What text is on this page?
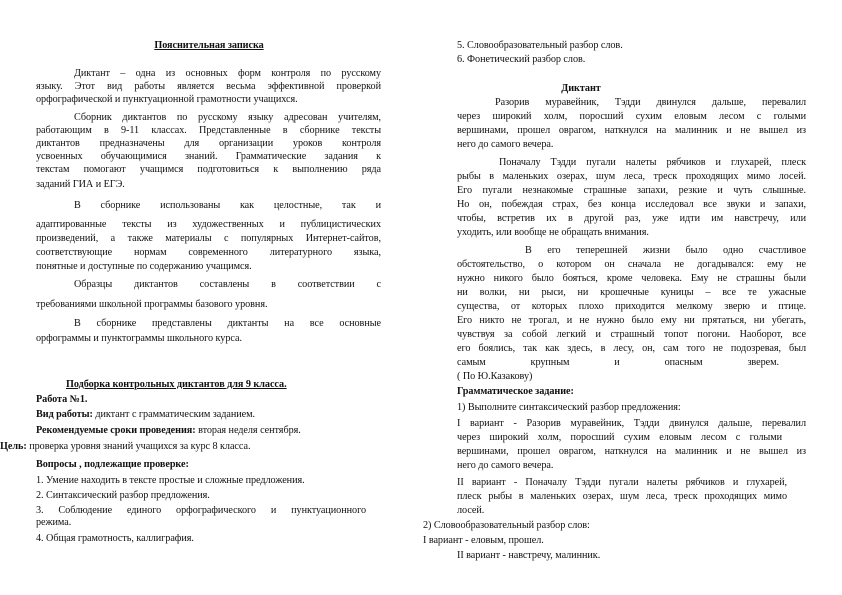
Пояснительная записка
Диктант – одна из основных форм контроля по русскому
языку. Этот вид работы является весьма эффективной проверкой
орфографической и пунктуационной грамотности учащихся.
Сборник диктантов по русскому языку адресован учителям,
работающим в 9-11 классах. Представленные в сборнике тексты
диктантов предназначены для организации уроков контроля
усвоенных обучающимися знаний. Грамматические задания к
текстам помогают учащимся подготовиться к выполнению ряда
заданий ГИА и ЕГЭ.
В сборнике использованы как целостные, так и
адаптированные тексты из художественных и публицистических
произведений, а также материалы с популярных Интернет-сайтов,
соответствующие нормам современного литературного языка,
понятные и доступные по содержанию учащимся.
Образцы диктантов составлены в соответствии с
требованиями школьной программы базового уровня.
В сборнике представлены диктанты на все основные
орфограммы и пунктограммы школьного курса.
Подборка контрольных диктантов для 9 класса.
Работа №1.
Вид работы: диктант с грамматическим заданием.
Рекомендуемые сроки проведения: вторая неделя сентября.
Цель: проверка уровня знаний учащихся за курс 8 класса.
Вопросы , подлежащие проверке:
1. Умение находить в тексте простые и сложные предложения.
2. Синтаксический разбор предложения.
3. Соблюдение единого орфографического и пунктуационного
режима.
4. Общая грамотность, каллиграфия.
5. Словообразовательный разбор слов.
6. Фонетический разбор слов.
Диктант
Разорив муравейник, Тэдди двинулся дальше, перевалил
через широкий холм, поросший сухим еловым лесом с голыми
вершинами, прошел оврагом, наткнулся на малинник и не вышел из
него до самого вечера.
Поначалу Тэдди пугали налеты рябчиков и глухарей, плеск
рыбы в маленьких озерах, шум леса, треск проходящих мимо лосей.
Его пугали незнакомые страшные запахи, резкие и чуть слышные.
Но он, побеждая страх, без конца исследовал все звуки и запахи,
чтобы, встретив их в другой раз, уже идти им навстречу, или
уходить, или вообще не обращать внимания.
В его теперешней жизни было одно счастливое
обстоятельство, о котором он сначала не догадывался: ему не
нужно никого было бояться, кроме человека. Ему не страшны были
ни волки, ни рыси, ни крошечные куницы – все те ужасные
существа, от которых плохо приходится мелкому зверю и птице.
Его никто не трогал, и не нужно было ему ни прятаться, ни убегать,
чувствуя за собой легкий и страшный топот погони. Наоборот, все
его боялись, так как здесь, в лесу, он, сам того не подозревая, был
самым крупным и опасным зверем.
( По Ю.Казакову)
Грамматическое задание:
1) Выполните синтаксический разбор предложения:
I вариант - Разорив муравейник, Тэдди двинулся дальше, перевалил
через широкий холм, поросший сухим еловым лесом с голыми
вершинами, прошел оврагом, наткнулся на малинник и не вышел из
него до самого вечера.
II вариант - Поначалу Тэдди пугали налеты рябчиков и глухарей,
плеск рыбы в маленьких озерах, шум леса, треск проходящих мимо
лосей.
2) Словообразовательный разбор слов:
I вариант - еловым, прошел.
II вариант - навстречу, малинник.
